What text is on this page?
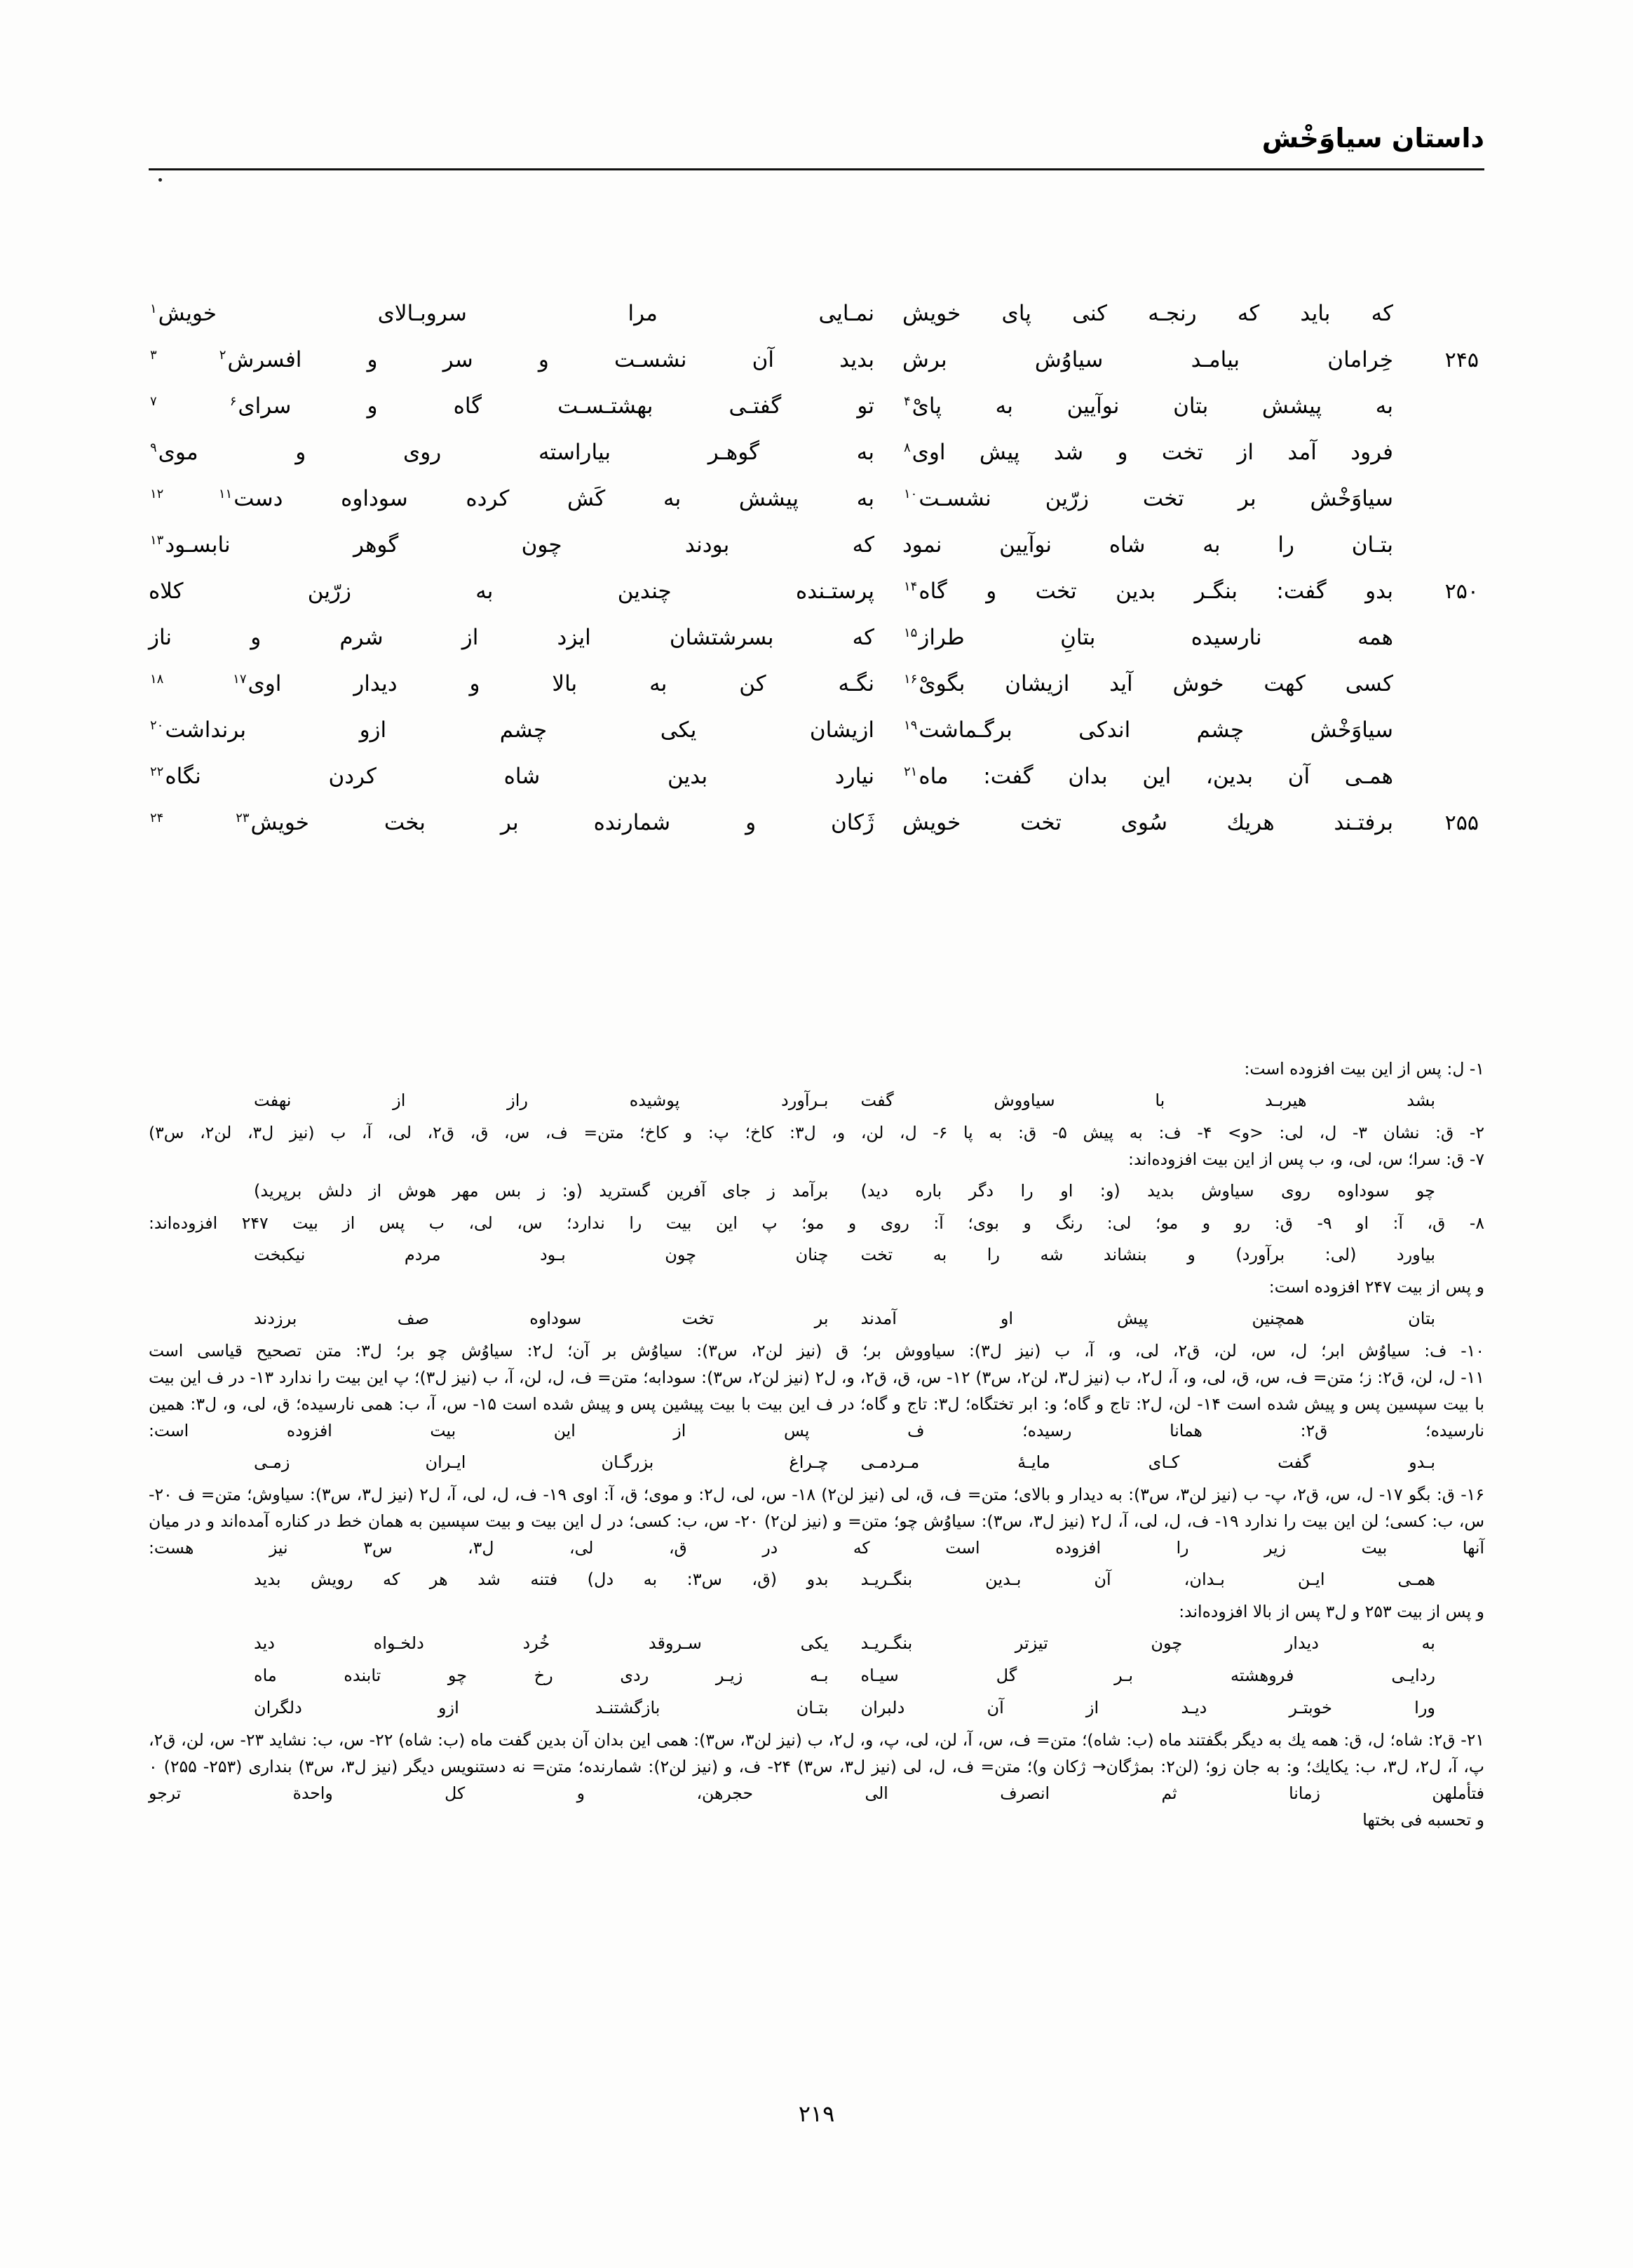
داستان سیاوَخْش
که باید که رنجـه کنی پای خویش
نمـایی مرا سروبـالای خویش$^۱$
۲۴۵
خِرامان بیامـد سیاوُش برش
بدید آن نشسـت و سر و افسرش$^{۲ ۳}$
به پیشش بتان نوآیین به پایْ$^۴$
تو گفتـی بهشتـسـت گاه و سرای$^{۶ ۷}$
فرود آمد از تخت و شد پیش اوی$^۸$
به گوهـر بیاراسته روی و موی$^۹$
سیاوَخْش بر تخت زرّین نشسـت$^{۱۰}$
به پیشش به کَش کرده سوداوه دست$^{۱۱ ۱۲}$
بتـان را به شاه نوآیین نمود
که بودند چون گوهر نابسـود$^{۱۳}$
۲۵۰
بدو گفت: بنگـر بدین تخت و گاه$^{۱۴}$
پرستـنده چندین به زرّین کلاه
همه نارسیده بتانِ طراز$^{۱۵}$
که بسرشتشان ایزد از شرم و ناز
کسی کهت خوش آید ازیشان بگویْ$^{۱۶}$
نگـه کن به بالا و دیدار اوی$^{۱۷ ۱۸}$
سیاوَخْش چشم اندکی برگـماشت$^{۱۹}$
ازیشان یکی چشم ازو برنداشت$^{۲۰}$
همـی آن بدین، این بدان گفت: ماه$^{۲۱}$
نیارد بدین شاه کردن نگاه$^{۲۲}$
۲۵۵
برفتـند هریك سُوی تخت خویش
ژَکان و شمارنده بر بخت خویش$^{۲۳ ۲۴}$

۱- ل: پس از این بیت افزوده است:

بشد هیربـد با سیاووش گفت
بـرآورد پوشیده راز از نهفت

۲- ق: نشان ۳- ل، لی: <و> ۴- ف: به پیش ۵- ق: به پا ۶- ل، لن، و، ل۳: کاخ؛ پ: و کاخ؛ متن= ف، س، ق، ق۲، لی، آ، ب (نیز ل۳، لن۲، س۳)

۷- ق: سرا؛ س، لی، و، ب پس از این بیت افزوده‌اند:

چو سوداوه روی سیاوش بدید (و: او را دگر باره دید)
برآمد ز جای آفرین گسترید (و: ز بس مهر هوش از دلش برپرید)

۸- ق، آ: او ۹- ق: رو و مو؛ لی: رنگ و بوی؛ آ: روی و مو؛ پ این بیت را ندارد؛ س، لی، ب پس از بیت ۲۴۷ افزوده‌اند:

بیاورد (لی: برآورد) و بنشاند شه را به تخت
چنان چون بـود مردم نیکبخت

و پس از بیت ۲۴۷ افزوده است:

بتان همچنین پیش او آمدند
بر تخت سوداوه صف برزدند

۱۰- ف: سیاوُش ابر؛ ل، س، لن، ق۲، لی، و، آ، ب (نیز ل۳): سیاووش بر؛ ق (نیز لن۲، س۳): سیاوُش بر آن؛ ل۲: سیاوُش چو بر؛ ل۳: متن تصحیح قیاسی است

۱۱- ل، لن، ق۲: ز؛ متن= ف، س، ق، لی، و، آ، ل۲، ب (نیز ل۳، لن۲، س۳) ۱۲- س، ق، ق۲، و، ل۲ (نیز لن۲، س۳): سودابه؛ متن= ف، ل، لن، آ، ب (نیز ل۳)؛ پ این بیت را ندارد ۱۳- در ف این بیت با بیت سپسین پس و پیش شده است ۱۴- لن، ل۲: تاج و گاه؛ و: ابر تختگاه؛ ل۳: تاج و گاه؛ در ف این بیت با بیت پیشین پس و پیش شده است ۱۵- س، آ، ب: همی نارسیده؛ ق، لی، و، ل۳: همین نارسیده؛ ق۲: همانا رسیده؛ ف پس از این بیت افزوده است:

بـدو گفت کـای مایـهٔ مـردمـی
چـراغ بزرگـان ایـران زمـی

۱۶- ق: بگو ۱۷- ل، س، ق۲، پ- ب (نیز لن۳، س۳): به دیدار و بالای؛ متن= ف، ق، لی (نیز لن۲) ۱۸- س، لی، ل۲: و موی؛ ق، آ: اوی ۱۹- ف، ل، لی، آ، ل۲ (نیز ل۳، س۳): سیاوش؛ متن= ف ۲۰- س، ب: کسی؛ لن این بیت را ندارد ۱۹- ف، ل، لی، آ، ل۲ (نیز ل۳، س۳): سیاوُش چو؛ متن= و (نیز لن۲) ۲۰- س، ب: کسی؛ در ل این بیت و بیت سپسین به همان خط در کناره آمده‌اند و در میان آنها بیت زیر را افزوده است که در ق، لی، ل۳، س۳ نیز هست:

همـی ایـن بـدان، آن بـدین بنگـریـد
بدو (ق، س۳: به دل) فتنه شد هر که رویش بدید

و پس از بیت ۲۵۳ و ل۳ پس از بالا افزوده‌اند:

به دیدار چون تیزتر بنگـریـد
یکی سـروقد خُرد دلخـواه دید
ردایـی فروهشته بـر گل سیـاه
بـه زیـر ردی رخ چو تابنده ماه
ورا خوبتـر دیـد از آن دلبران
بتـان بازگشتنـد ازو دلگران

۲۱- ق۲: شاه؛ ل، ق: همه یك به دیگر بگفتند ماه (ب: شاه)؛ متن= ف، س، آ، لن، لی، پ، و، ل۲، ب (نیز لن۳، س۳): همی این بدان آن بدین گفت ماه (ب: شاه) ۲۲- س، ب: نشاید ۲۳- س، لن، ق۲، پ، آ، ل۲، ل۳، ب: یكایك؛ و: به جان زو؛ (لن۲: بمژگان→ ژکان و)؛ متن= ف، ل، لی (نیز ل۳، س۳) ۲۴- ف، و (نیز لن۲): شمارنده؛ متن= نه دستنویس دیگر (نیز ل۳، س۳) بنداری (۲۵۳- ۲۵۵) ۰ فتأملهن زمانا ثم انصرف الی حجرهن، و کل واحدة ترجو

و تحسبه فی بختها

۲۱۹
